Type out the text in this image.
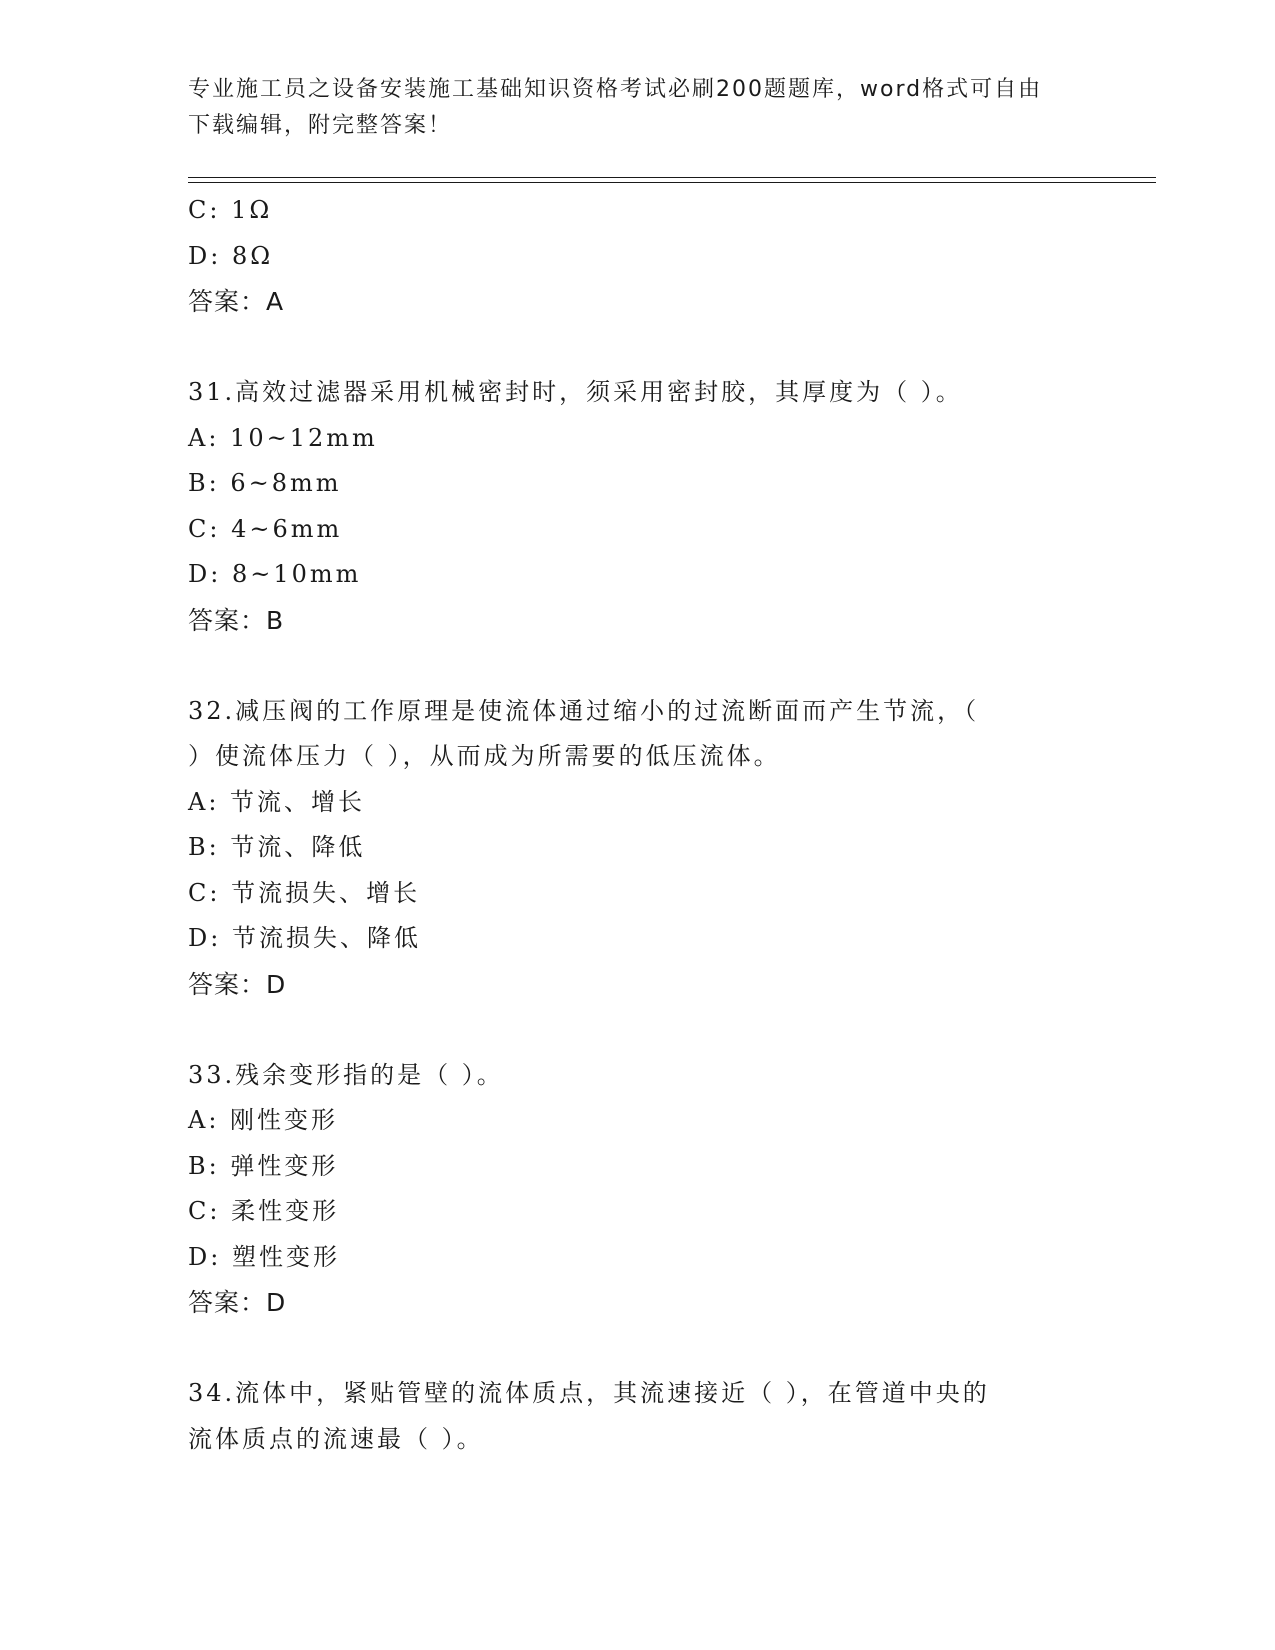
专业施工员之设备安装施工基础知识资格考试必刷200题题库，word格式可自由
下载编辑，附完整答案！
C: 1Ω
D: 8Ω
答案：A
31.高效过滤器采用机械密封时，须采用密封胶，其厚度为（ ）。
A: 10~12mm
B: 6~8mm
C: 4~6mm
D: 8~10mm
答案：B
32.减压阀的工作原理是使流体通过缩小的过流断面而产生节流，（
）使流体压力（ ），从而成为所需要的低压流体。
A: 节流、增长
B: 节流、降低
C: 节流损失、增长
D: 节流损失、降低
答案：D
33.残余变形指的是（ ）。
A: 刚性变形
B: 弹性变形
C: 柔性变形
D: 塑性变形
答案：D
34.流体中，紧贴管壁的流体质点，其流速接近（ ），在管道中央的
流体质点的流速最（ ）。
